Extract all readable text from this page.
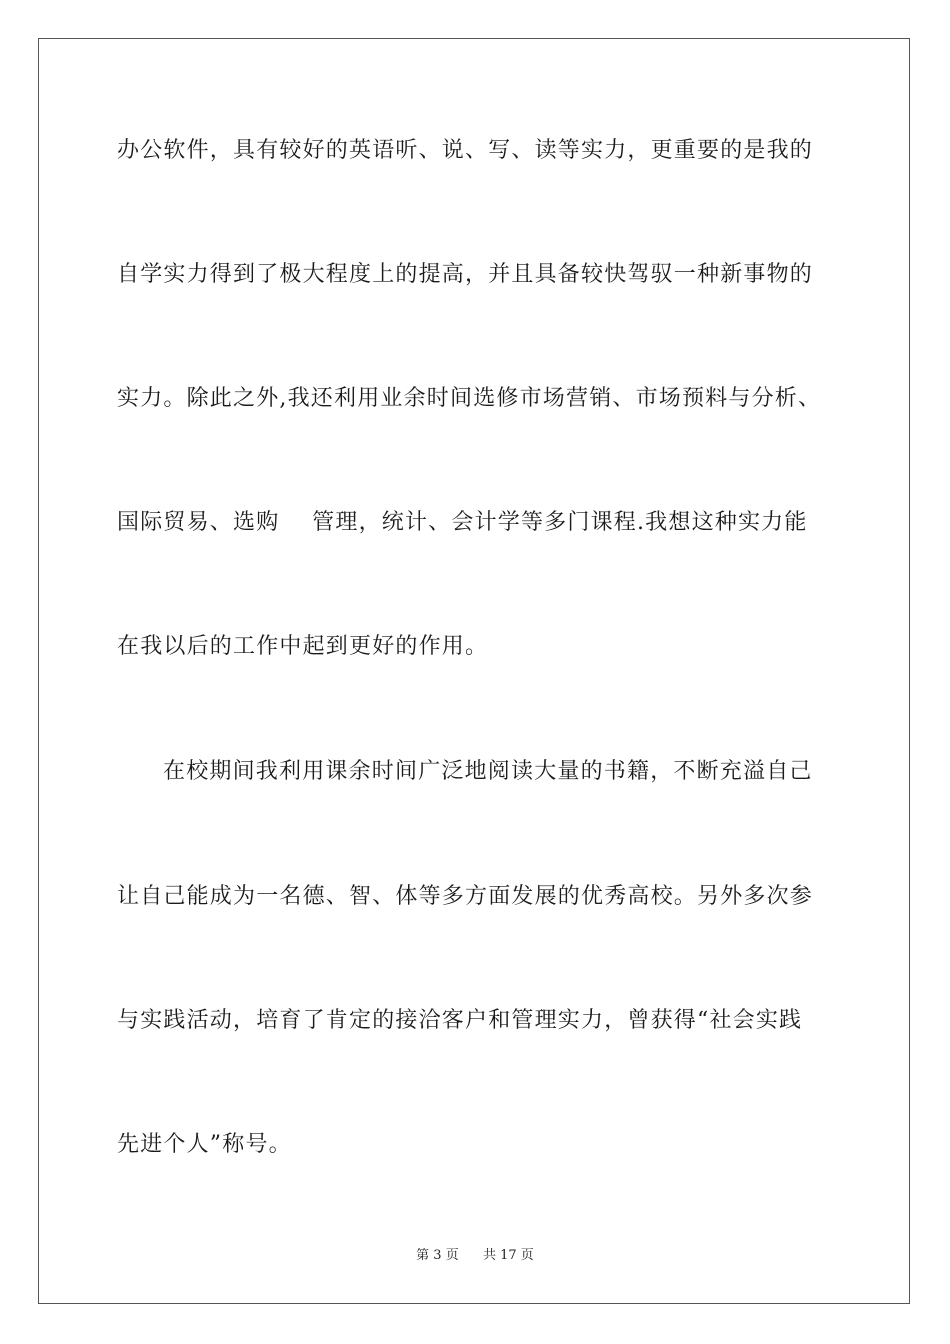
办公软件，具有较好的英语听、说、写、读等实力，更重要的是我的
自学实力得到了极大程度上的提高，并且具备较快驾驭一种新事物的
实力。除此之外,我还利用业余时间选修市场营销、市场预料与分析、
国际贸易、选购    管理，统计、会计学等多门课程.我想这种实力能
在我以后的工作中起到更好的作用。
在校期间我利用课余时间广泛地阅读大量的书籍，不断充溢自己
让自己能成为一名德、智、体等多方面发展的优秀高校。另外多次参
与实践活动，培育了肯定的接洽客户和管理实力，曾获得“社会实践
先进个人”称号。
第 3 页 共 17 页
